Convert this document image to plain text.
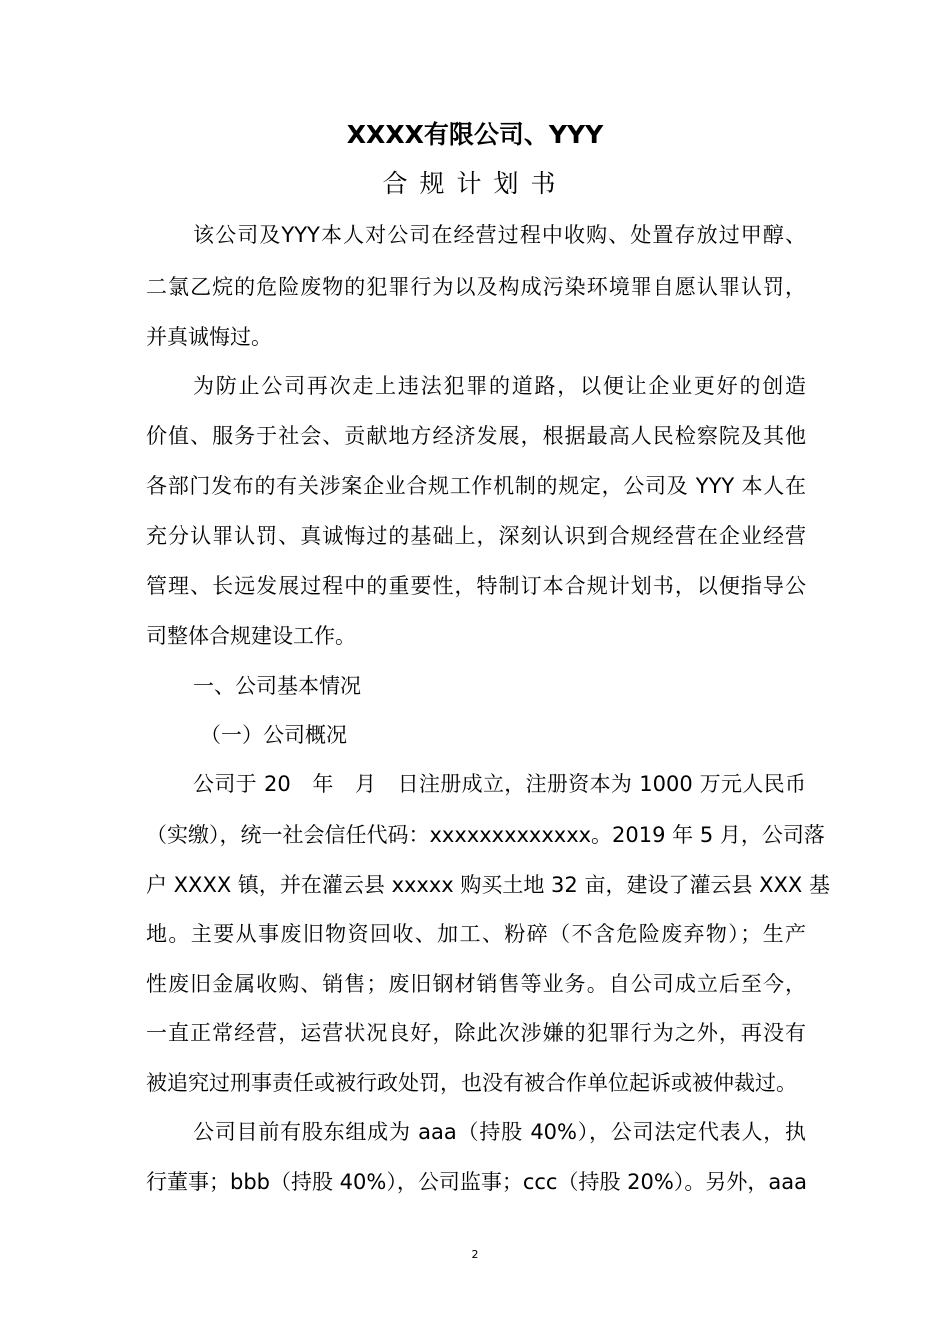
XXXX有限公司、YYY
合规计划书
该公司及YYY本人对公司在经营过程中收购、处置存放过甲醇、
二氯乙烷的危险废物的犯罪行为以及构成污染环境罪自愿认罪认罚，
并真诚悔过。
为防止公司再次走上违法犯罪的道路，以便让企业更好的创造
价值、服务于社会、贡献地方经济发展，根据最高人民检察院及其他
各部门发布的有关涉案企业合规工作机制的规定，公司及 YYY 本人在
充分认罪认罚、真诚悔过的基础上，深刻认识到合规经营在企业经营
管理、长远发展过程中的重要性，特制订本合规计划书，以便指导公
司整体合规建设工作。
一、公司基本情况
（一）公司概况
公司于 20　年　月　日注册成立，注册资本为 1000 万元人民币
（实缴），统一社会信任代码：xxxxxxxxxxxxx。2019 年 5 月，公司落
户 XXXX 镇，并在灌云县 xxxxx 购买土地 32 亩，建设了灌云县 XXX 基
地。主要从事废旧物资回收、加工、粉碎（不含危险废弃物）；生产
性废旧金属收购、销售；废旧钢材销售等业务。自公司成立后至今，
一直正常经营，运营状况良好，除此次涉嫌的犯罪行为之外，再没有
被追究过刑事责任或被行政处罚，也没有被合作单位起诉或被仲裁过。
公司目前有股东组成为 aaa（持股 40%），公司法定代表人，执
行董事；bbb（持股 40%），公司监事；ccc（持股 20%）。另外，aaa
2
